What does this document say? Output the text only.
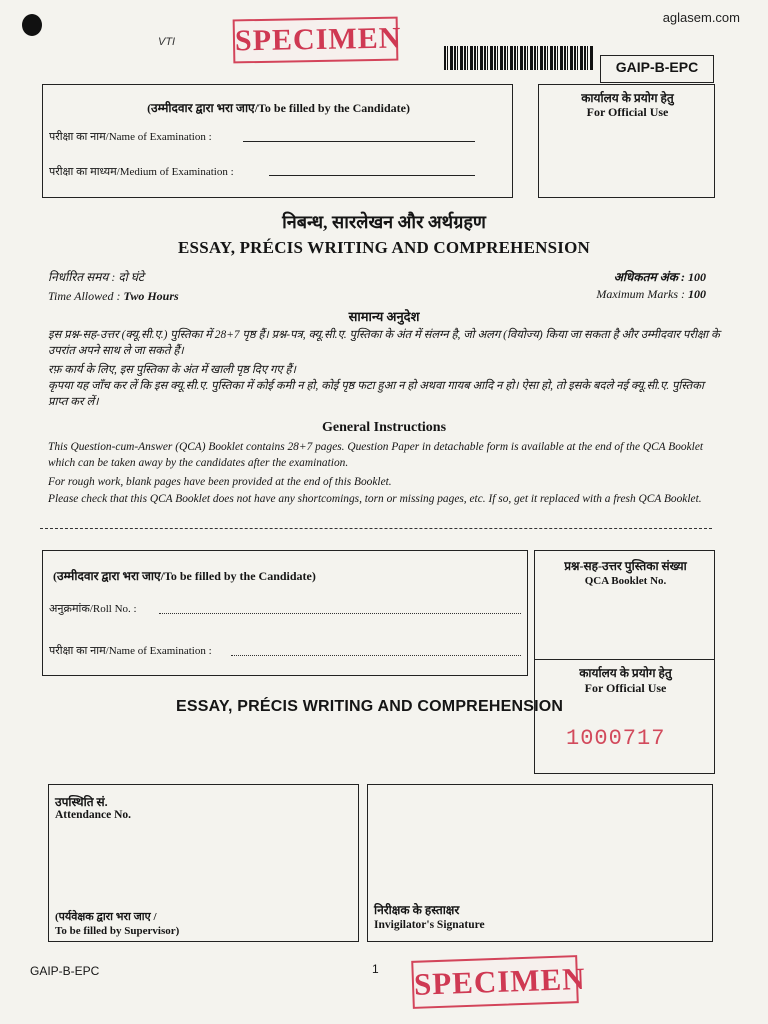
VTI
aglasem.com
SPECIMEN
GAIP-B-EPC
(उम्मीदवार द्वारा भरा जाए/To be filled by the Candidate)
परीक्षा का नाम/Name of Examination :
परीक्षा का माध्यम/Medium of Examination :
कार्यालय के प्रयोग हेतु
For Official Use
निबन्ध, सारलेखन और अर्थग्रहण
ESSAY, PRÉCIS WRITING AND COMPREHENSION
निर्धारित समय : दो घंटे	अधिकतम अंक : 100
Time Allowed : Two Hours	Maximum Marks : 100
सामान्य अनुदेश
इस प्रश्न-सह-उत्तर (क्यू.सी.ए.) पुस्तिका में 28+7 पृष्ठ हैं। प्रश्न-पत्र, क्यू.सी.ए. पुस्तिका के अंत में संलग्न है, जो अलग (वियोज्य) किया जा सकता है और उम्मीदवार परीक्षा के उपरांत अपने साथ ले जा सकते हैं।
रफ़ कार्य के लिए, इस पुस्तिका के अंत में खाली पृष्ठ दिए गए हैं।
कृपया यह जाँच कर लें कि इस क्यू.सी.ए. पुस्तिका में कोई कमी न हो, कोई पृष्ठ फटा हुआ न हो अथवा गायब आदि न हो। ऐसा हो, तो इसके बदले नई क्यू.सी.ए. पुस्तिका प्राप्त कर लें।
General Instructions
This Question-cum-Answer (QCA) Booklet contains 28+7 pages. Question Paper in detachable form is available at the end of the QCA Booklet which can be taken away by the candidates after the examination.
For rough work, blank pages have been provided at the end of this Booklet.
Please check that this QCA Booklet does not have any shortcomings, torn or missing pages, etc. If so, get it replaced with a fresh QCA Booklet.
(उम्मीदवार द्वारा भरा जाए/To be filled by the Candidate)
अनुक्रमांक/Roll No. :
परीक्षा का नाम/Name of Examination :
प्रश्न-सह-उत्तर पुस्तिका संख्या
QCA Booklet No.
कार्यालय के प्रयोग हेतु
For Official Use
1000717
ESSAY, PRÉCIS WRITING AND COMPREHENSION
उपस्थिति सं.
Attendance No.
(पर्यवेक्षक द्वारा भरा जाए /
To be filled by Supervisor)
निरीक्षक के हस्ताक्षर
Invigilator's Signature
GAIP-B-EPC	1 SPECIMEN
